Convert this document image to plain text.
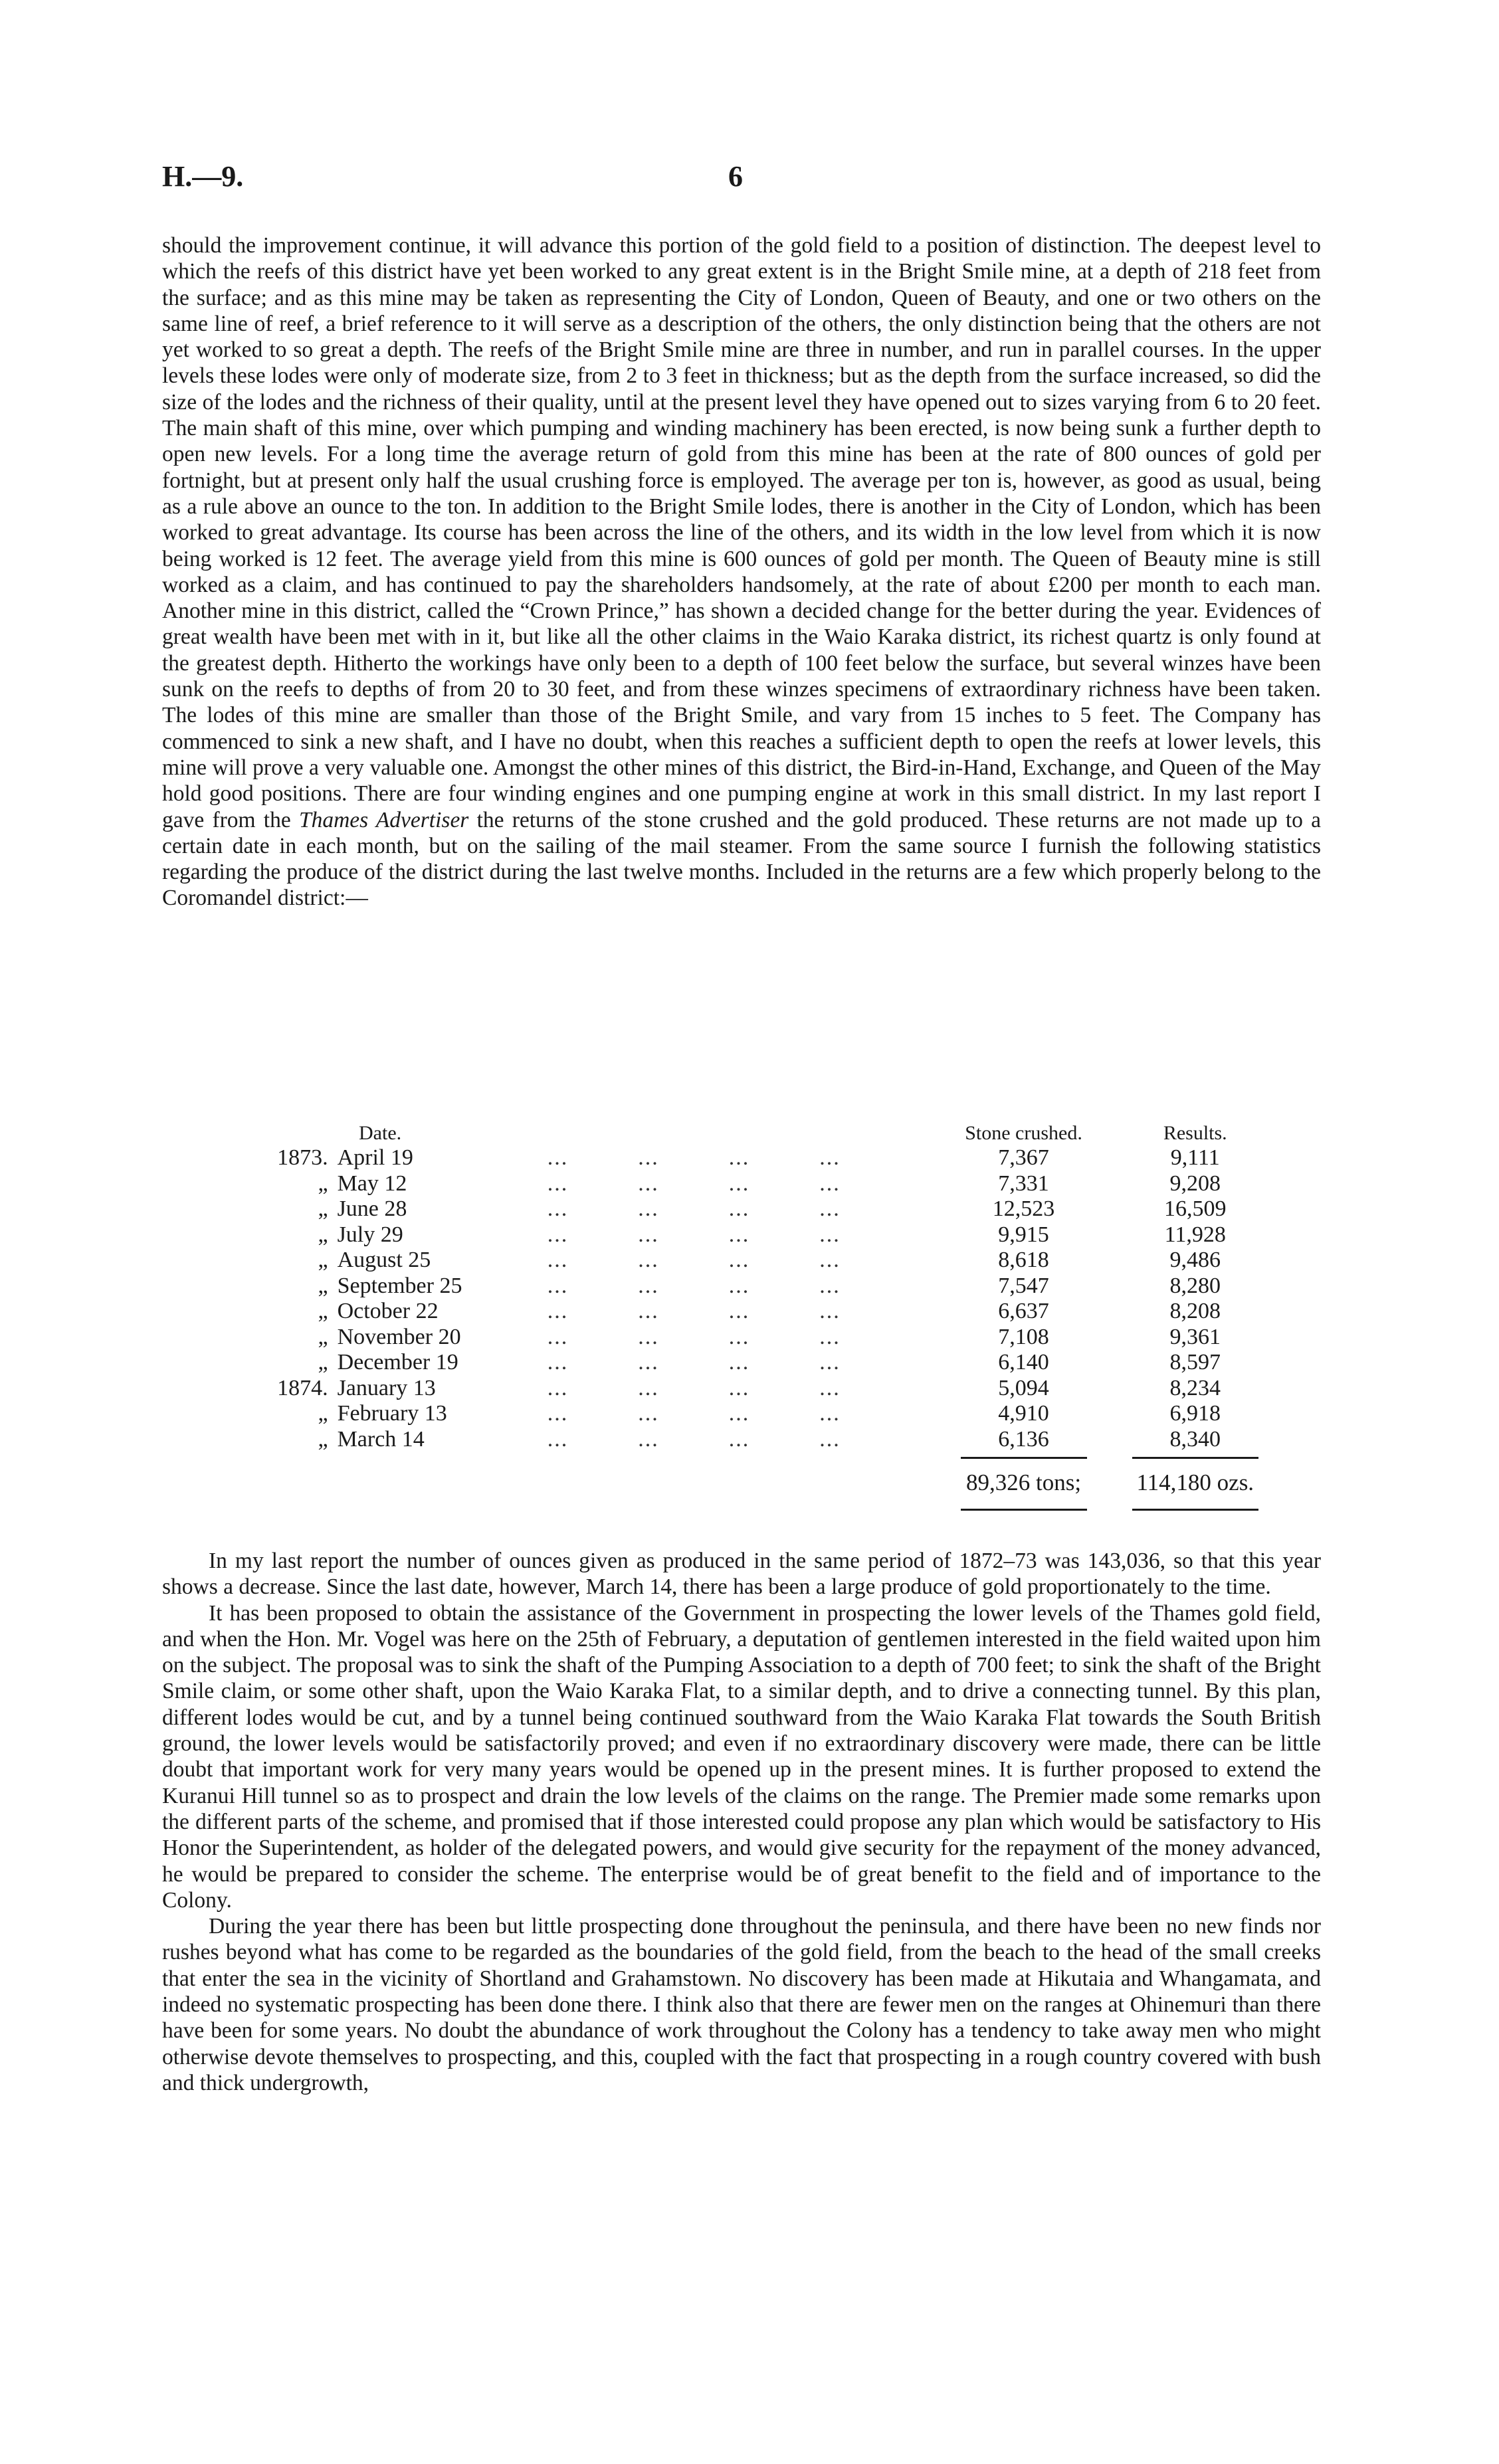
H.—9.	6

should the improvement continue, it will advance this portion of the gold field to a position of distinction. The deepest level to which the reefs of this district have yet been worked to any great extent is in the Bright Smile mine, at a depth of 218 feet from the surface; and as this mine may be taken as representing the City of London, Queen of Beauty, and one or two others on the same line of reef, a brief reference to it will serve as a description of the others, the only distinction being that the others are not yet worked to so great a depth. The reefs of the Bright Smile mine are three in number, and run in parallel courses. In the upper levels these lodes were only of moderate size, from 2 to 3 feet in thickness; but as the depth from the surface increased, so did the size of the lodes and the richness of their quality, until at the present level they have opened out to sizes varying from 6 to 20 feet. The main shaft of this mine, over which pumping and winding machinery has been erected, is now being sunk a further depth to open new levels. For a long time the average return of gold from this mine has been at the rate of 800 ounces of gold per fortnight, but at present only half the usual crushing force is employed. The average per ton is, however, as good as usual, being as a rule above an ounce to the ton. In addition to the Bright Smile lodes, there is another in the City of London, which has been worked to great advantage. Its course has been across the line of the others, and its width in the low level from which it is now being worked is 12 feet. The average yield from this mine is 600 ounces of gold per month. The Queen of Beauty mine is still worked as a claim, and has continued to pay the shareholders handsomely, at the rate of about £200 per month to each man. Another mine in this district, called the “Crown Prince,” has shown a decided change for the better during the year. Evidences of great wealth have been met with in it, but like all the other claims in the Waio Karaka district, its richest quartz is only found at the greatest depth. Hitherto the workings have only been to a depth of 100 feet below the surface, but several winzes have been sunk on the reefs to depths of from 20 to 30 feet, and from these winzes specimens of extraordinary richness have been taken. The lodes of this mine are smaller than those of the Bright Smile, and vary from 15 inches to 5 feet. The Company has commenced to sink a new shaft, and I have no doubt, when this reaches a sufficient depth to open the reefs at lower levels, this mine will prove a very valuable one. Amongst the other mines of this district, the Bird-in-Hand, Exchange, and Queen of the May hold good positions. There are four winding engines and one pumping engine at work in this small district. In my last report I gave from the Thames Advertiser the returns of the stone crushed and the gold produced. These returns are not made up to a certain date in each month, but on the sailing of the mail steamer. From the same source I furnish the following statistics regarding the produce of the district during the last twelve months. Included in the returns are a few which properly belong to the Coromandel district:—

Date.			Stone crushed.	Results.
1873.	April 19	...          ...          ...          ...	7,367	9,111
„	May 12	...          ...          ...          ...	7,331	9,208
„	June 28	...          ...          ...          ...	12,523	16,509
„	July 29	...          ...          ...          ...	9,915	11,928
„	August 25	...          ...          ...          ...	8,618	9,486
„	September 25	...          ...          ...          ...	7,547	8,280
„	October 22	...          ...          ...          ...	6,637	8,208
„	November 20	...          ...          ...          ...	7,108	9,361
„	December 19	...          ...          ...          ...	6,140	8,597
1874.	January 13	...          ...          ...          ...	5,094	8,234
„	February 13	...          ...          ...          ...	4,910	6,918
„	March 14	...          ...          ...          ...	6,136	8,340

			89,326 tons;	114,180 ozs.

In my last report the number of ounces given as produced in the same period of 1872–73 was 143,036, so that this year shows a decrease. Since the last date, however, March 14, there has been a large produce of gold proportionately to the time.

It has been proposed to obtain the assistance of the Government in prospecting the lower levels of the Thames gold field, and when the Hon. Mr. Vogel was here on the 25th of February, a deputation of gentlemen interested in the field waited upon him on the subject. The proposal was to sink the shaft of the Pumping Association to a depth of 700 feet; to sink the shaft of the Bright Smile claim, or some other shaft, upon the Waio Karaka Flat, to a similar depth, and to drive a connecting tunnel. By this plan, different lodes would be cut, and by a tunnel being continued southward from the Waio Karaka Flat towards the South British ground, the lower levels would be satisfactorily proved; and even if no extraordinary discovery were made, there can be little doubt that important work for very many years would be opened up in the present mines. It is further proposed to extend the Kuranui Hill tunnel so as to prospect and drain the low levels of the claims on the range. The Premier made some remarks upon the different parts of the scheme, and promised that if those interested could propose any plan which would be satisfactory to His Honor the Superintendent, as holder of the delegated powers, and would give security for the repayment of the money advanced, he would be prepared to consider the scheme. The enterprise would be of great benefit to the field and of importance to the Colony.

During the year there has been but little prospecting done throughout the peninsula, and there have been no new finds nor rushes beyond what has come to be regarded as the boundaries of the gold field, from the beach to the head of the small creeks that enter the sea in the vicinity of Shortland and Grahamstown. No discovery has been made at Hikutaia and Whangamata, and indeed no systematic prospecting has been done there. I think also that there are fewer men on the ranges at Ohinemuri than there have been for some years. No doubt the abundance of work throughout the Colony has a tendency to take away men who might otherwise devote themselves to prospecting, and this, coupled with the fact that prospecting in a rough country covered with bush and thick undergrowth,
